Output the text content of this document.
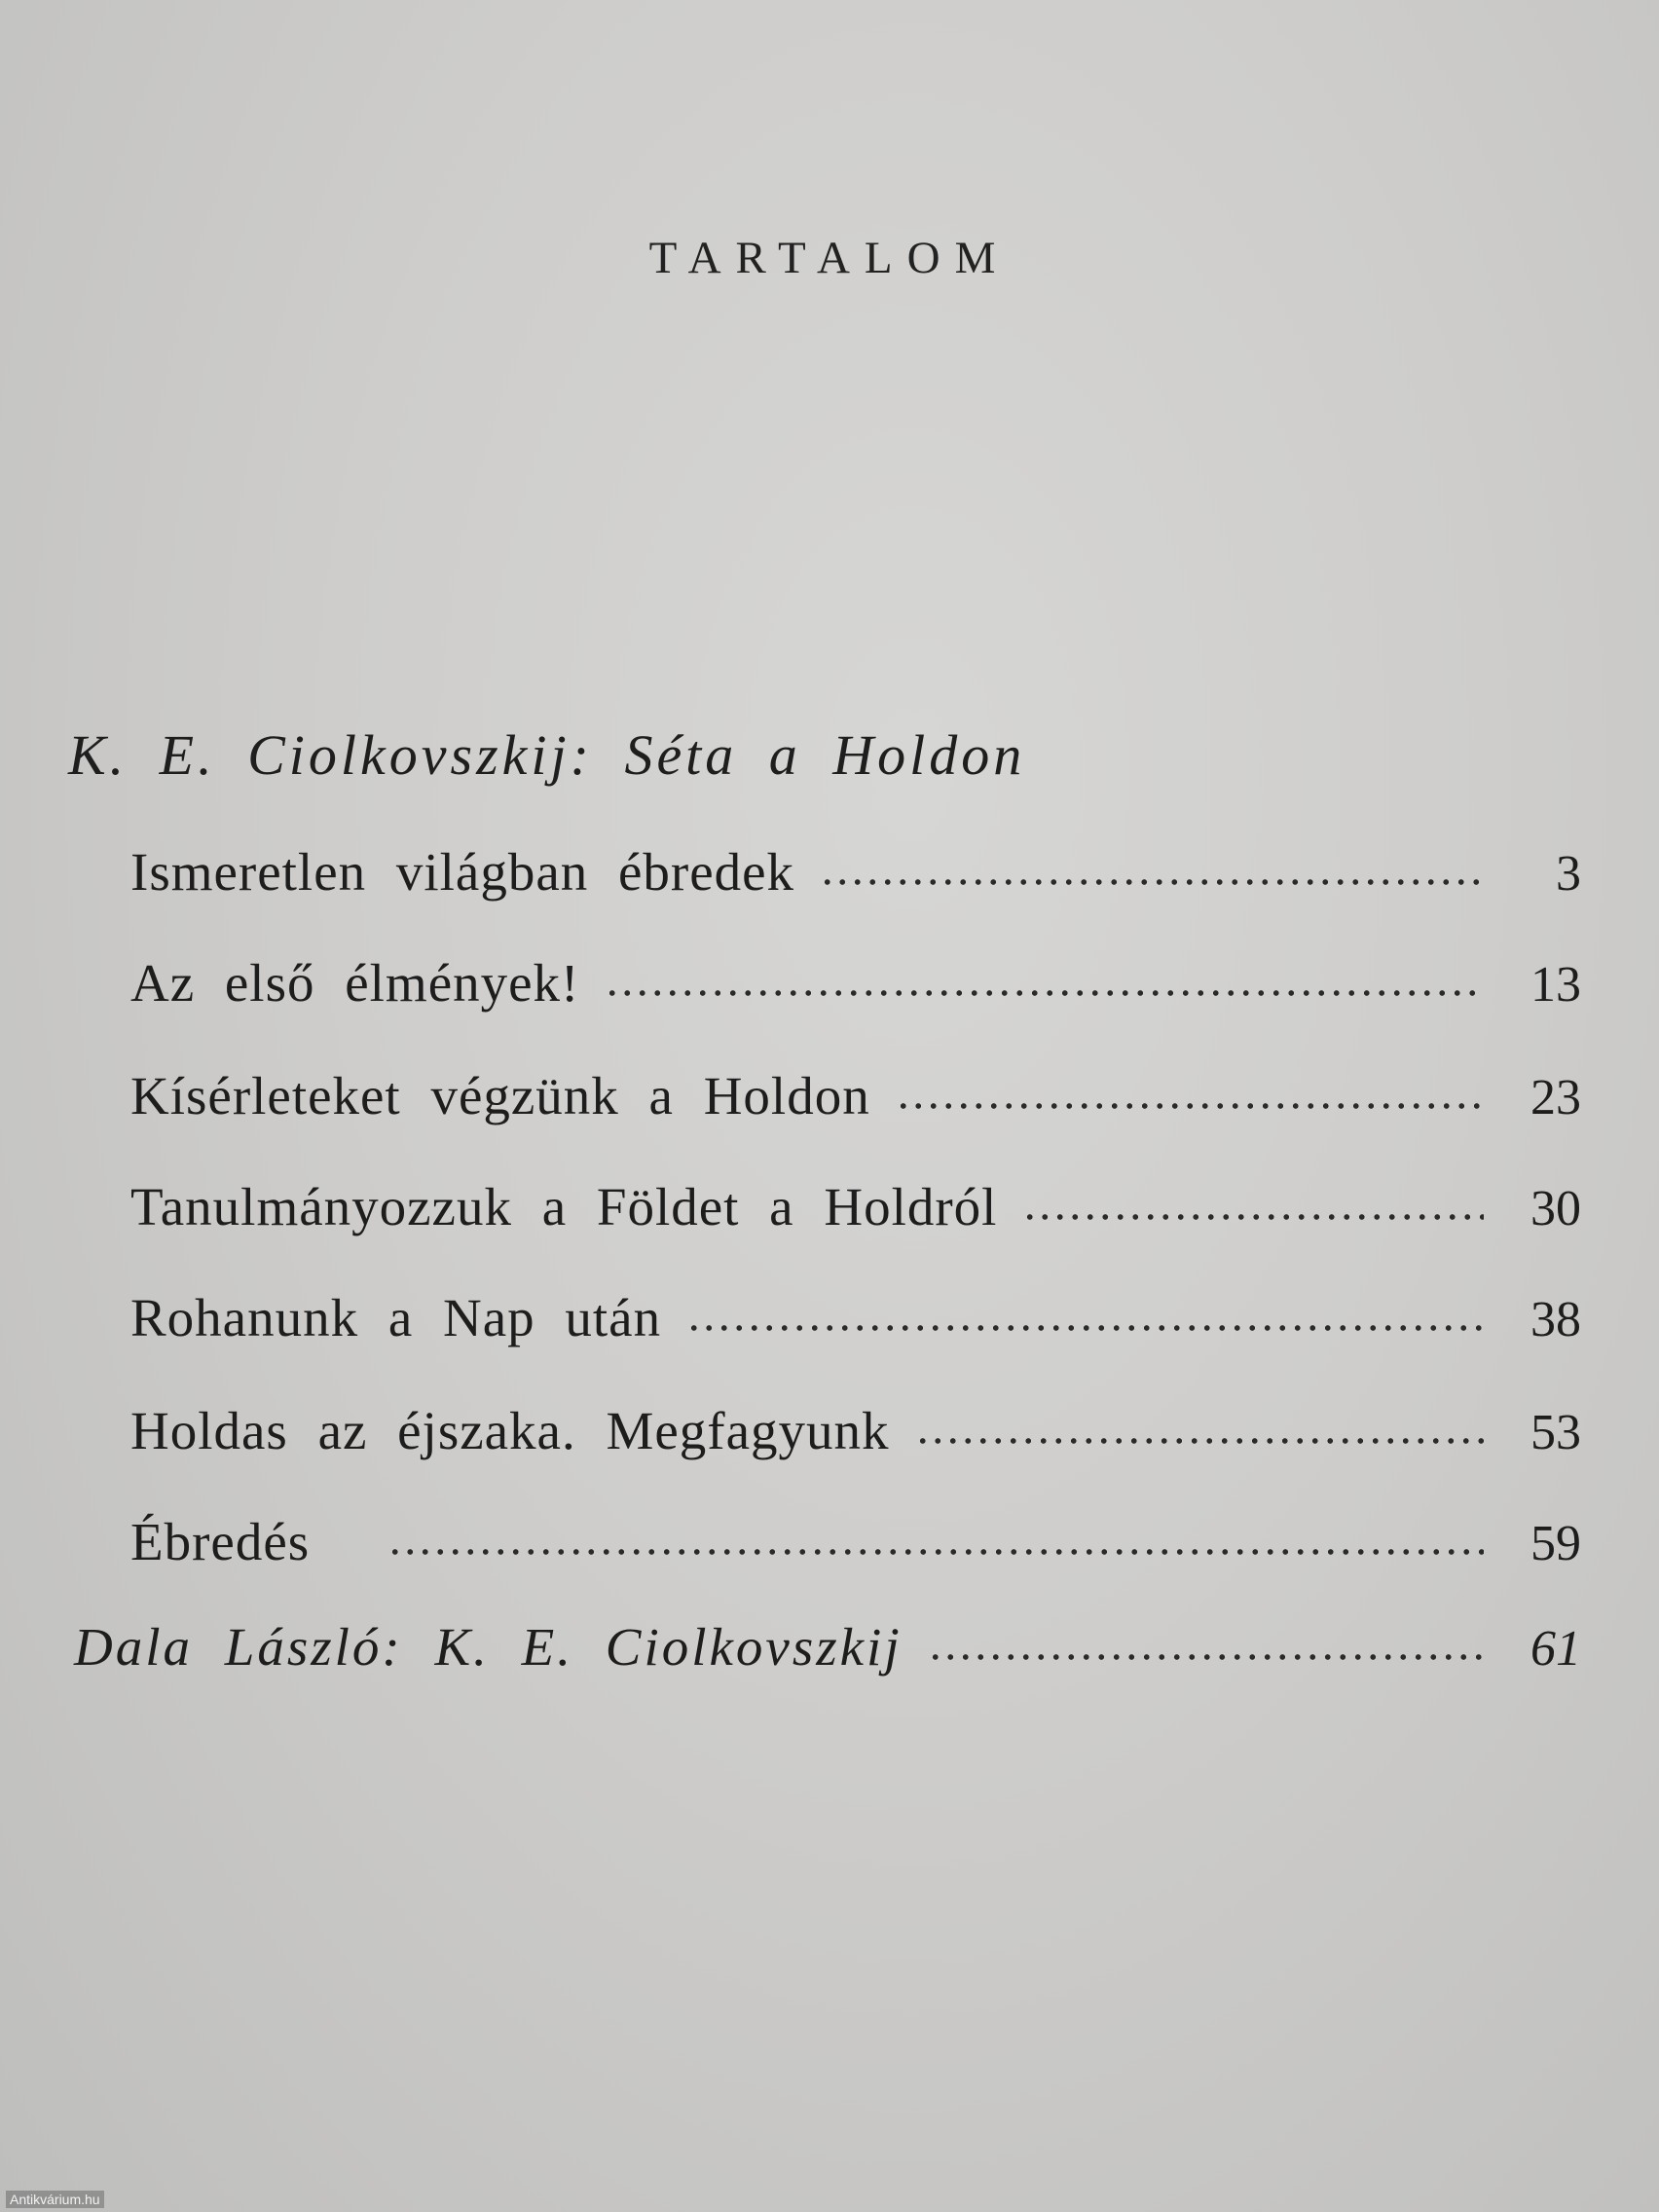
TARTALOM
K. E. Ciolkovszkij: Séta a Holdon
Ismeretlen világban ébredek	3
Az első élmények!	13
Kísérleteket végzünk a Holdon	23
Tanulmányozzuk a Földet a Holdról	30
Rohanunk a Nap után	38
Holdas az éjszaka. Megfagyunk	53
Ébredés	59
Dala László: K. E. Ciolkovszkij	61
Antikvárium.hu
